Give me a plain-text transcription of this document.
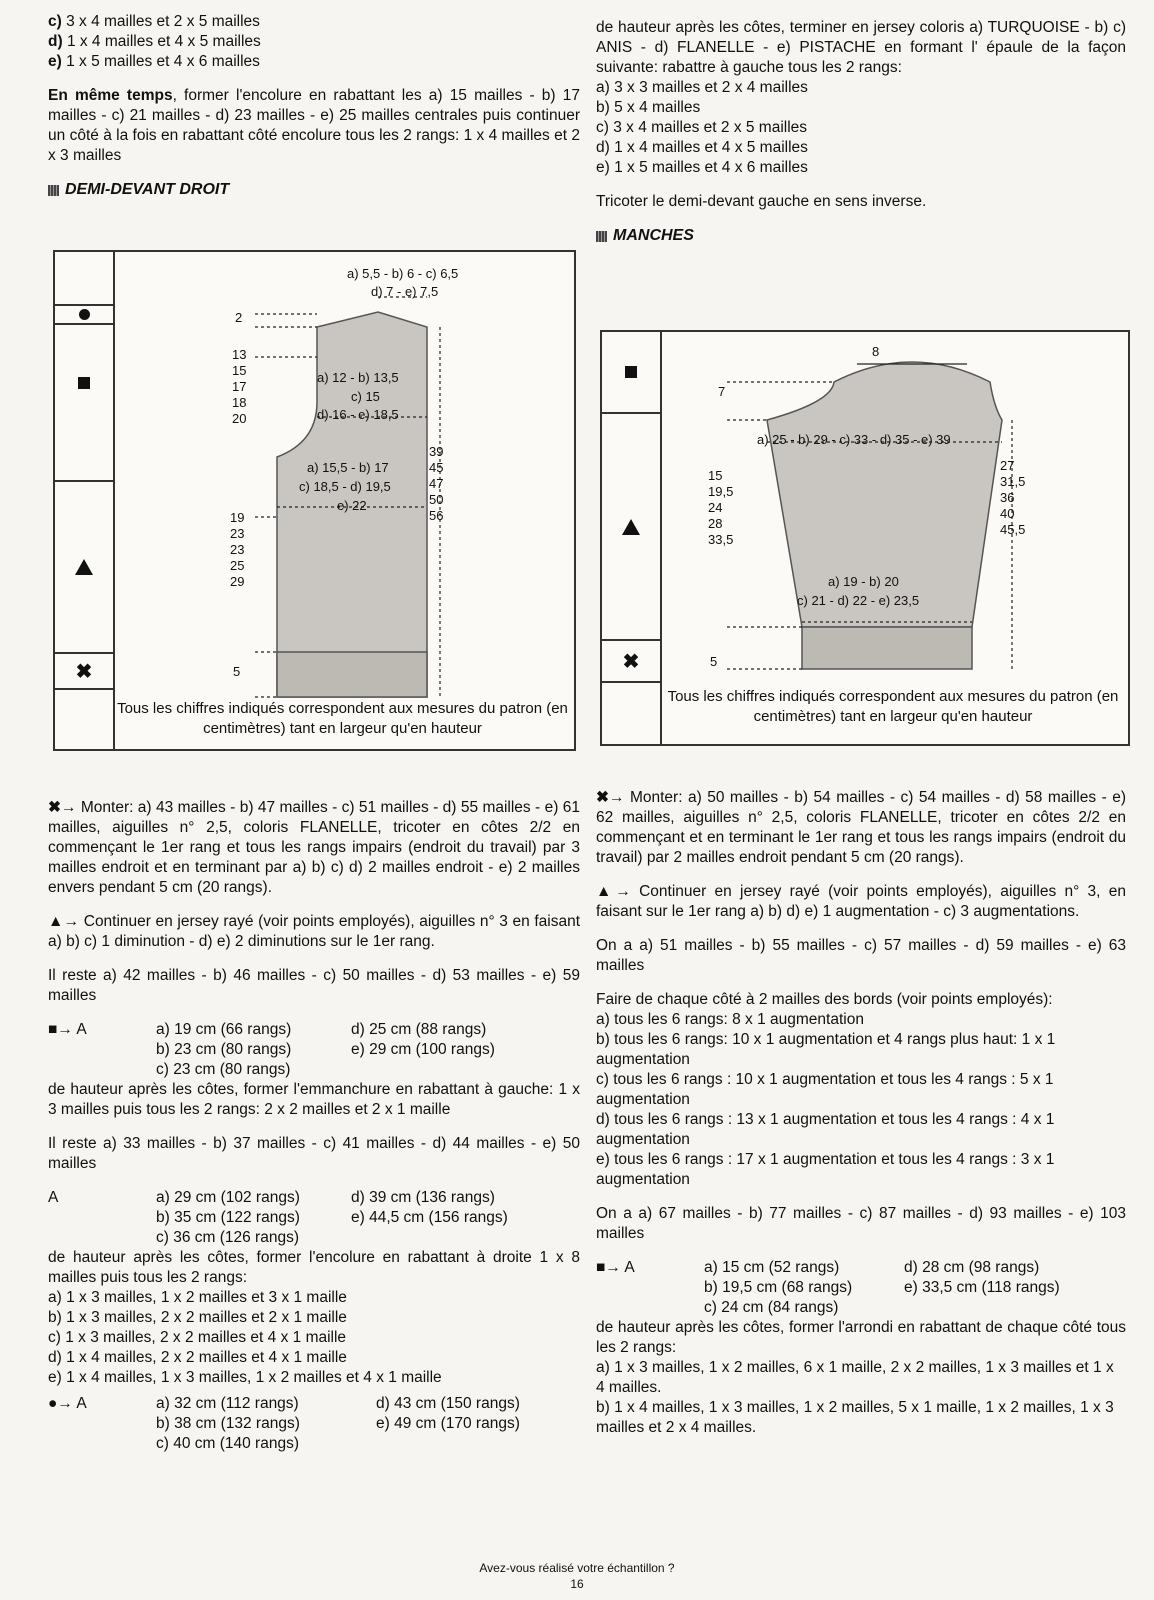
c) 3 x 4 mailles et 2 x 5 mailles
d) 1 x 4 mailles et 4 x 5 mailles
e) 1 x 5 mailles et 4 x 6 mailles

En même temps, former l'encolure en rabattant les a) 15 mailles - b) 17 mailles - c) 21 mailles - d) 23 mailles - e) 25 mailles centrales puis continuer un côté à la fois en rabattant côté encolure tous les 2 rangs: 1 x 4 mailles et 2 x 3 mailles

DEMI-DEVANT DROIT
✖
a) 5,5 - b) 6 - c) 6,5
d) 7 - e) 7,5
2
13
15
17
18
20
a) 12 - b) 13,5
c) 15
d) 16 - e) 18,5
a) 15,5 - b) 17
c) 18,5 - d) 19,5
e) 22
39
45
47
50
56
19
23
23
25
29
5
Tous les chiffres indiqués correspondent aux mesures du patron (en centimètres) tant en largeur qu'en hauteur

✖→ Monter: a) 43 mailles - b) 47 mailles - c) 51 mailles - d) 55 mailles - e) 61 mailles, aiguilles n° 2,5, coloris FLANELLE, tricoter en côtes 2/2 en commençant le 1er rang et tous les rangs impairs (endroit du travail) par 3 mailles endroit et en terminant par a) b) c) d) 2 mailles endroit - e) 2 mailles envers pendant 5 cm (20 rangs).

▲→ Continuer en jersey rayé (voir points employés), aiguilles n° 3 en faisant a) b) c) 1 diminution - d) e) 2 diminutions sur le 1er rang.

Il reste a) 42 mailles - b) 46 mailles - c) 50 mailles - d) 53 mailles - e) 59 mailles

■→ A	a) 19 cm (66 rangs)	d) 25 cm (88 rangs)
b) 23 cm (80 rangs)	e) 29 cm (100 rangs)
c) 23 cm (80 rangs)

de hauteur après les côtes, former l'emmanchure en rabattant à gauche: 1 x 3 mailles puis tous les 2 rangs: 2 x 2 mailles et 2 x 1 maille

Il reste a) 33 mailles - b) 37 mailles - c) 41 mailles - d) 44 mailles - e) 50 mailles

A	a) 29 cm (102 rangs)	d) 39 cm (136 rangs)
b) 35 cm (122 rangs)	e) 44,5 cm (156 rangs)
c) 36 cm (126 rangs)

de hauteur après les côtes, former l'encolure en rabattant à droite 1 x 8 mailles puis tous les 2 rangs:

a) 1 x 3 mailles, 1 x 2 mailles et 3 x 1 maille
b) 1 x 3 mailles, 2 x 2 mailles et 2 x 1 maille
c) 1 x 3 mailles, 2 x 2 mailles et 4 x 1 maille
d) 1 x 4 mailles, 2 x 2 mailles et 4 x 1 maille
e) 1 x 4 mailles, 1 x 3 mailles, 1 x 2 mailles et 4 x 1 maille
●→ A	a) 32 cm (112 rangs)	d) 43 cm (150 rangs)
b) 38 cm (132 rangs)	e) 49 cm (170 rangs)
c) 40 cm (140 rangs)

de hauteur après les côtes, terminer en jersey coloris a) TURQUOISE - b) c) ANIS - d) FLANELLE - e) PISTACHE en formant l' épaule de la façon suivante: rabattre à gauche tous les 2 rangs:

a) 3 x 3 mailles et 2 x 4 mailles
b) 5 x 4 mailles
c) 3 x 4 mailles et 2 x 5 mailles
d) 1 x 4 mailles et 4 x 5 mailles
e) 1 x 5 mailles et 4 x 6 mailles

Tricoter le demi-devant gauche en sens inverse.

MANCHES
✖
8
7
a) 25 - b) 29 - c) 33 - d) 35 - e) 39
15
19,5
24
28
33,5
27
31,5
36
40
45,5
a) 19 - b) 20
c) 21 - d) 22 - e) 23,5
5
Tous les chiffres indiqués correspondent aux mesures du patron (en centimètres) tant en largeur qu'en hauteur

✖→ Monter: a) 50 mailles - b) 54 mailles - c) 54 mailles - d) 58 mailles - e) 62 mailles, aiguilles n° 2,5, coloris FLANELLE, tricoter en côtes 2/2 en commençant et en terminant le 1er rang et tous les rangs impairs (endroit du travail) par 2 mailles endroit pendant 5 cm (20 rangs).

▲→ Continuer en jersey rayé (voir points employés), aiguilles n° 3, en faisant sur le 1er rang a) b) d) e) 1 augmentation - c) 3 augmentations.

On a a) 51 mailles - b) 55 mailles - c) 57 mailles - d) 59 mailles - e) 63 mailles

Faire de chaque côté à 2 mailles des bords (voir points employés):

a) tous les 6 rangs: 8 x 1 augmentation
b) tous les 6 rangs: 10 x 1 augmentation et 4 rangs plus haut: 1 x 1 augmentation
c) tous les 6 rangs : 10 x 1 augmentation et tous les 4 rangs : 5 x 1 augmentation
d) tous les 6 rangs : 13 x 1 augmentation et tous les 4 rangs : 4 x 1 augmentation
e) tous les 6 rangs : 17 x 1 augmentation et tous les 4 rangs : 3 x 1 augmentation

On a a) 67 mailles - b) 77 mailles - c) 87 mailles - d) 93 mailles - e) 103 mailles

■→ A	a) 15 cm (52 rangs)	d) 28 cm (98 rangs)
b) 19,5 cm (68 rangs)	e) 33,5 cm (118 rangs)
c) 24 cm (84 rangs)

de hauteur après les côtes, former l'arrondi en rabattant de chaque côté tous les 2 rangs:

a) 1 x 3 mailles, 1 x 2 mailles, 6 x 1 maille, 2 x 2 mailles, 1 x 3 mailles et 1 x 4 mailles.
b) 1 x 4 mailles, 1 x 3 mailles, 1 x 2 mailles, 5 x 1 maille, 1 x 2 mailles, 1 x 3 mailles et 2 x 4 mailles.
Avez-vous réalisé votre échantillon ?
16
